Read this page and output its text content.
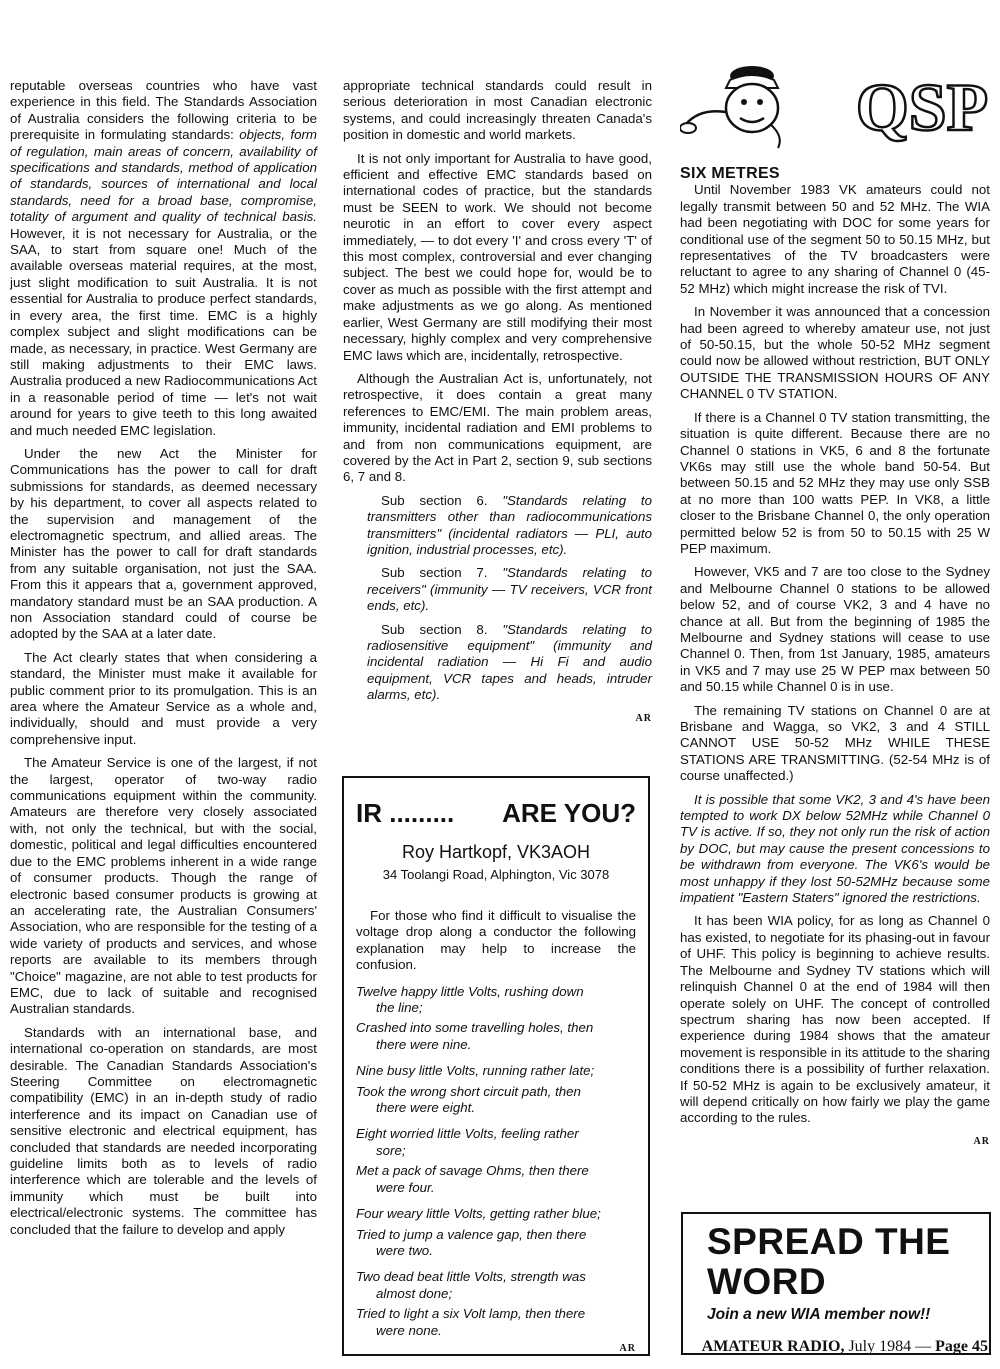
reputable overseas countries who have vast experience in this field. The Standards Association of Australia considers the following criteria to be prerequisite in formulating standards: objects, form of regulation, main areas of concern, availability of specifications and standards, method of application of standards, sources of international and local standards, need for a broad base, compromise, totality of argument and quality of technical basis. However, it is not necessary for Australia, or the SAA, to start from square one! Much of the available overseas material requires, at the most, just slight modification to suit Australia. It is not essential for Australia to produce perfect standards, in every area, the first time. EMC is a highly complex subject and slight modifications can be made, as necessary, in practice. West Germany are still making adjustments to their EMC laws. Australia produced a new Radiocommunications Act in a reasonable period of time — let's not wait around for years to give teeth to this long awaited and much needed EMC legislation.

Under the new Act the Minister for Communications has the power to call for draft submissions for standards, as deemed necessary by his department, to cover all aspects related to the supervision and management of the electromagnetic spectrum, and allied areas. The Minister has the power to call for draft standards from any suitable organisation, not just the SAA. From this it appears that a, government approved, mandatory standard must be an SAA production. A non Association standard could of course be adopted by the SAA at a later date.

The Act clearly states that when considering a standard, the Minister must make it available for public comment prior to its promulgation. This is an area where the Amateur Service as a whole and, individually, should and must provide a very comprehensive input.

The Amateur Service is one of the largest, if not the largest, operator of two-way radio communications equipment within the community. Amateurs are therefore very closely associated with, not only the technical, but with the social, domestic, political and legal difficulties encountered due to the EMC problems inherent in a wide range of consumer products. Though the range of electronic based consumer products is growing at an accelerating rate, the Australian Consumers' Association, who are responsible for the testing of a wide variety of products and services, and whose reports are available to its members through "Choice" magazine, are not able to test products for EMC, due to lack of suitable and recognised Australian standards.

Standards with an international base, and international co-operation on standards, are most desirable. The Canadian Standards Association's Steering Committee on electromagnetic compatibility (EMC) in an in-depth study of radio interference and its impact on Canadian use of sensitive electronic and electrical equipment, has concluded that standards are needed incorporating guideline limits both as to levels of radio interference which are tolerable and the levels of immunity which must be built into electrical/electronic systems. The committee has concluded that the failure to develop and apply

appropriate technical standards could result in serious deterioration in most Canadian electronic systems, and could increasingly threaten Canada's position in domestic and world markets.

It is not only important for Australia to have good, efficient and effective EMC standards based on international codes of practice, but the standards must be SEEN to work. We should not become neurotic in an effort to cover every aspect immediately, — to dot every 'I' and cross every 'T' of this most complex, controversial and ever changing subject. The best we could hope for, would be to cover as much as possible with the first attempt and make adjustments as we go along. As mentioned earlier, West Germany are still modifying their most necessary, highly complex and very comprehensive EMC laws which are, incidentally, retrospective.

Although the Australian Act is, unfortunately, not retrospective, it does contain a great many references to EMC/EMI. The main problem areas, immunity, incidental radiation and EMI problems to and from non communications equipment, are covered by the Act in Part 2, section 9, sub sections 6, 7 and 8.

Sub section 6. "Standards relating to transmitters other than radiocommunications transmitters" (incidental radiators — PLI, auto ignition, industrial processes, etc).

Sub section 7. "Standards relating to receivers" (immunity — TV receivers, VCR front ends, etc).

Sub section 8. "Standards relating to radiosensitive equipment" (immunity and incidental radiation — Hi Fi and audio equipment, VCR tapes and heads, intruder alarms, etc).

AR
IR ......... ARE YOU?
Roy Hartkopf, VK3AOH
34 Toolangi Road, Alphington, Vic 3078
For those who find it difficult to visualise the voltage drop along a conductor the following explanation may help to increase the confusion.
Twelve happy little Volts, rushing down
the line;
Crashed into some travelling holes, then
there were nine.
Nine busy little Volts, running rather late;
Took the wrong short circuit path, then
there were eight.
Eight worried little Volts, feeling rather
sore;
Met a pack of savage Ohms, then there
were four.
Four weary little Volts, getting rather blue;
Tried to jump a valence gap, then there
were two.
Two dead beat little Volts, strength was
almost done;
Tried to light a six Volt lamp, then there
were none.
AR
QSP
SIX METRES

Until November 1983 VK amateurs could not legally transmit between 50 and 52 MHz. The WIA had been negotiating with DOC for some years for conditional use of the segment 50 to 50.15 MHz, but representatives of the TV broadcasters were reluctant to agree to any sharing of Channel 0 (45-52 MHz) which might increase the risk of TVI.

In November it was announced that a concession had been agreed to whereby amateur use, not just of 50-50.15, but the whole 50-52 MHz segment could now be allowed without restriction, BUT ONLY OUTSIDE THE TRANSMISSION HOURS OF ANY CHANNEL 0 TV STATION.

If there is a Channel 0 TV station transmitting, the situation is quite different. Because there are no Channel 0 stations in VK5, 6 and 8 the fortunate VK6s may still use the whole band 50-54. But between 50.15 and 52 MHz they may use only SSB at no more than 100 watts PEP. In VK8, a little closer to the Brisbane Channel 0, the only operation permitted below 52 is from 50 to 50.15 with 25 W PEP maximum.

However, VK5 and 7 are too close to the Sydney and Melbourne Channel 0 stations to be allowed below 52, and of course VK2, 3 and 4 have no chance at all. But from the beginning of 1985 the Melbourne and Sydney stations will cease to use Channel 0. Then, from 1st January, 1985, amateurs in VK5 and 7 may use 25 W PEP max between 50 and 50.15 while Channel 0 is in use.

The remaining TV stations on Channel 0 are at Brisbane and Wagga, so VK2, 3 and 4 STILL CANNOT USE 50-52 MHz WHILE THESE STATIONS ARE TRANSMITTING. (52-54 MHz is of course unaffected.)

It is possible that some VK2, 3 and 4's have been tempted to work DX below 52MHz while Channel 0 TV is active. If so, they not only run the risk of action by DOC, but may cause the present concessions to be withdrawn from everyone. The VK6's would be most unhappy if they lost 50-52MHz because some impatient "Eastern Staters" ignored the restrictions.

It has been WIA policy, for as long as Channel 0 has existed, to negotiate for its phasing-out in favour of UHF. This policy is beginning to achieve results. The Melbourne and Sydney TV stations which will relinquish Channel 0 at the end of 1984 will then operate solely on UHF. The concept of controlled spectrum sharing has now been accepted. If experience during 1984 shows that the amateur movement is responsible in its attitude to the sharing conditions there is a possibility of further relaxation. If 50-52 MHz is again to be exclusively amateur, it will depend critically on how fairly we play the game according to the rules.

AR
SPREAD THE
WORD
Join a new WIA member now!!
AMATEUR RADIO, July 1984 — Page 45
